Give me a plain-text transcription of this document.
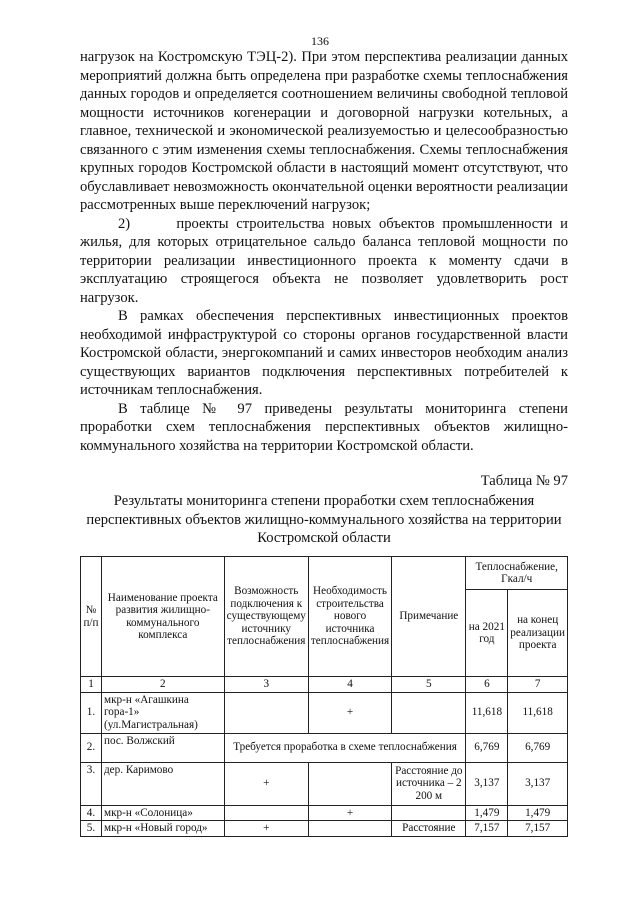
136

нагрузок на Костромскую ТЭЦ-2). При этом перспектива реализации данных мероприятий должна быть определена при разработке схемы теплоснабжения данных городов и определяется соотношением величины свободной тепловой мощности источников когенерации и договорной нагрузки котельных, а главное, технической и экономической реализуемостью и целесообразностью связанного с этим изменения схемы теплоснабжения. Схемы теплоснабжения крупных городов Костромской области в настоящий момент отсутствуют, что обуславливает невозможность окончательной оценки вероятности реализации рассмотренных выше переключений нагрузок;

2)      проекты строительства новых объектов промышленности и жилья, для которых отрицательное сальдо баланса тепловой мощности по территории реализации инвестиционного проекта к моменту сдачи в эксплуатацию строящегося объекта не позволяет удовлетворить рост нагрузок.

В рамках обеспечения перспективных инвестиционных проектов необходимой инфраструктурой со стороны органов государственной власти Костромской области, энергокомпаний и самих инвесторов необходим анализ существующих вариантов подключения перспективных потребителей к источникам теплоснабжения.

В таблице № 97 приведены результаты мониторинга степени проработки схем теплоснабжения перспективных объектов жилищно-коммунального хозяйства на территории Костромской области.

Таблица № 97
Результаты мониторинга степени проработки схем теплоснабжения перспективных объектов жилищно-коммунального хозяйства на территории Костромской области
№ п/п	Наименование проекта развития жилищно-коммунального комплекса	Возможность подключения к существующему источнику теплоснабжения	Необходимость строительства нового источника теплоснабжения	Примечание	Теплоснабжение, Гкал/ч	
					на 2021 год	на конец реализации проекта
1	2	3	4	5	6	7
1.	мкр-н «Агашкина гора-1» (ул.Магистральная)		+		11,618	11,618
2.	пос. Волжский	Требуется проработка в схеме теплоснабжения			6,769	6,769
3.	дер. Каримово	+		Расстояние до источника – 2 200 м	3,137	3,137
4.	мкр-н «Солоница»		+		1,479	1,479
5.	мкр-н «Новый город»	+		Расстояние	7,157	7,157
